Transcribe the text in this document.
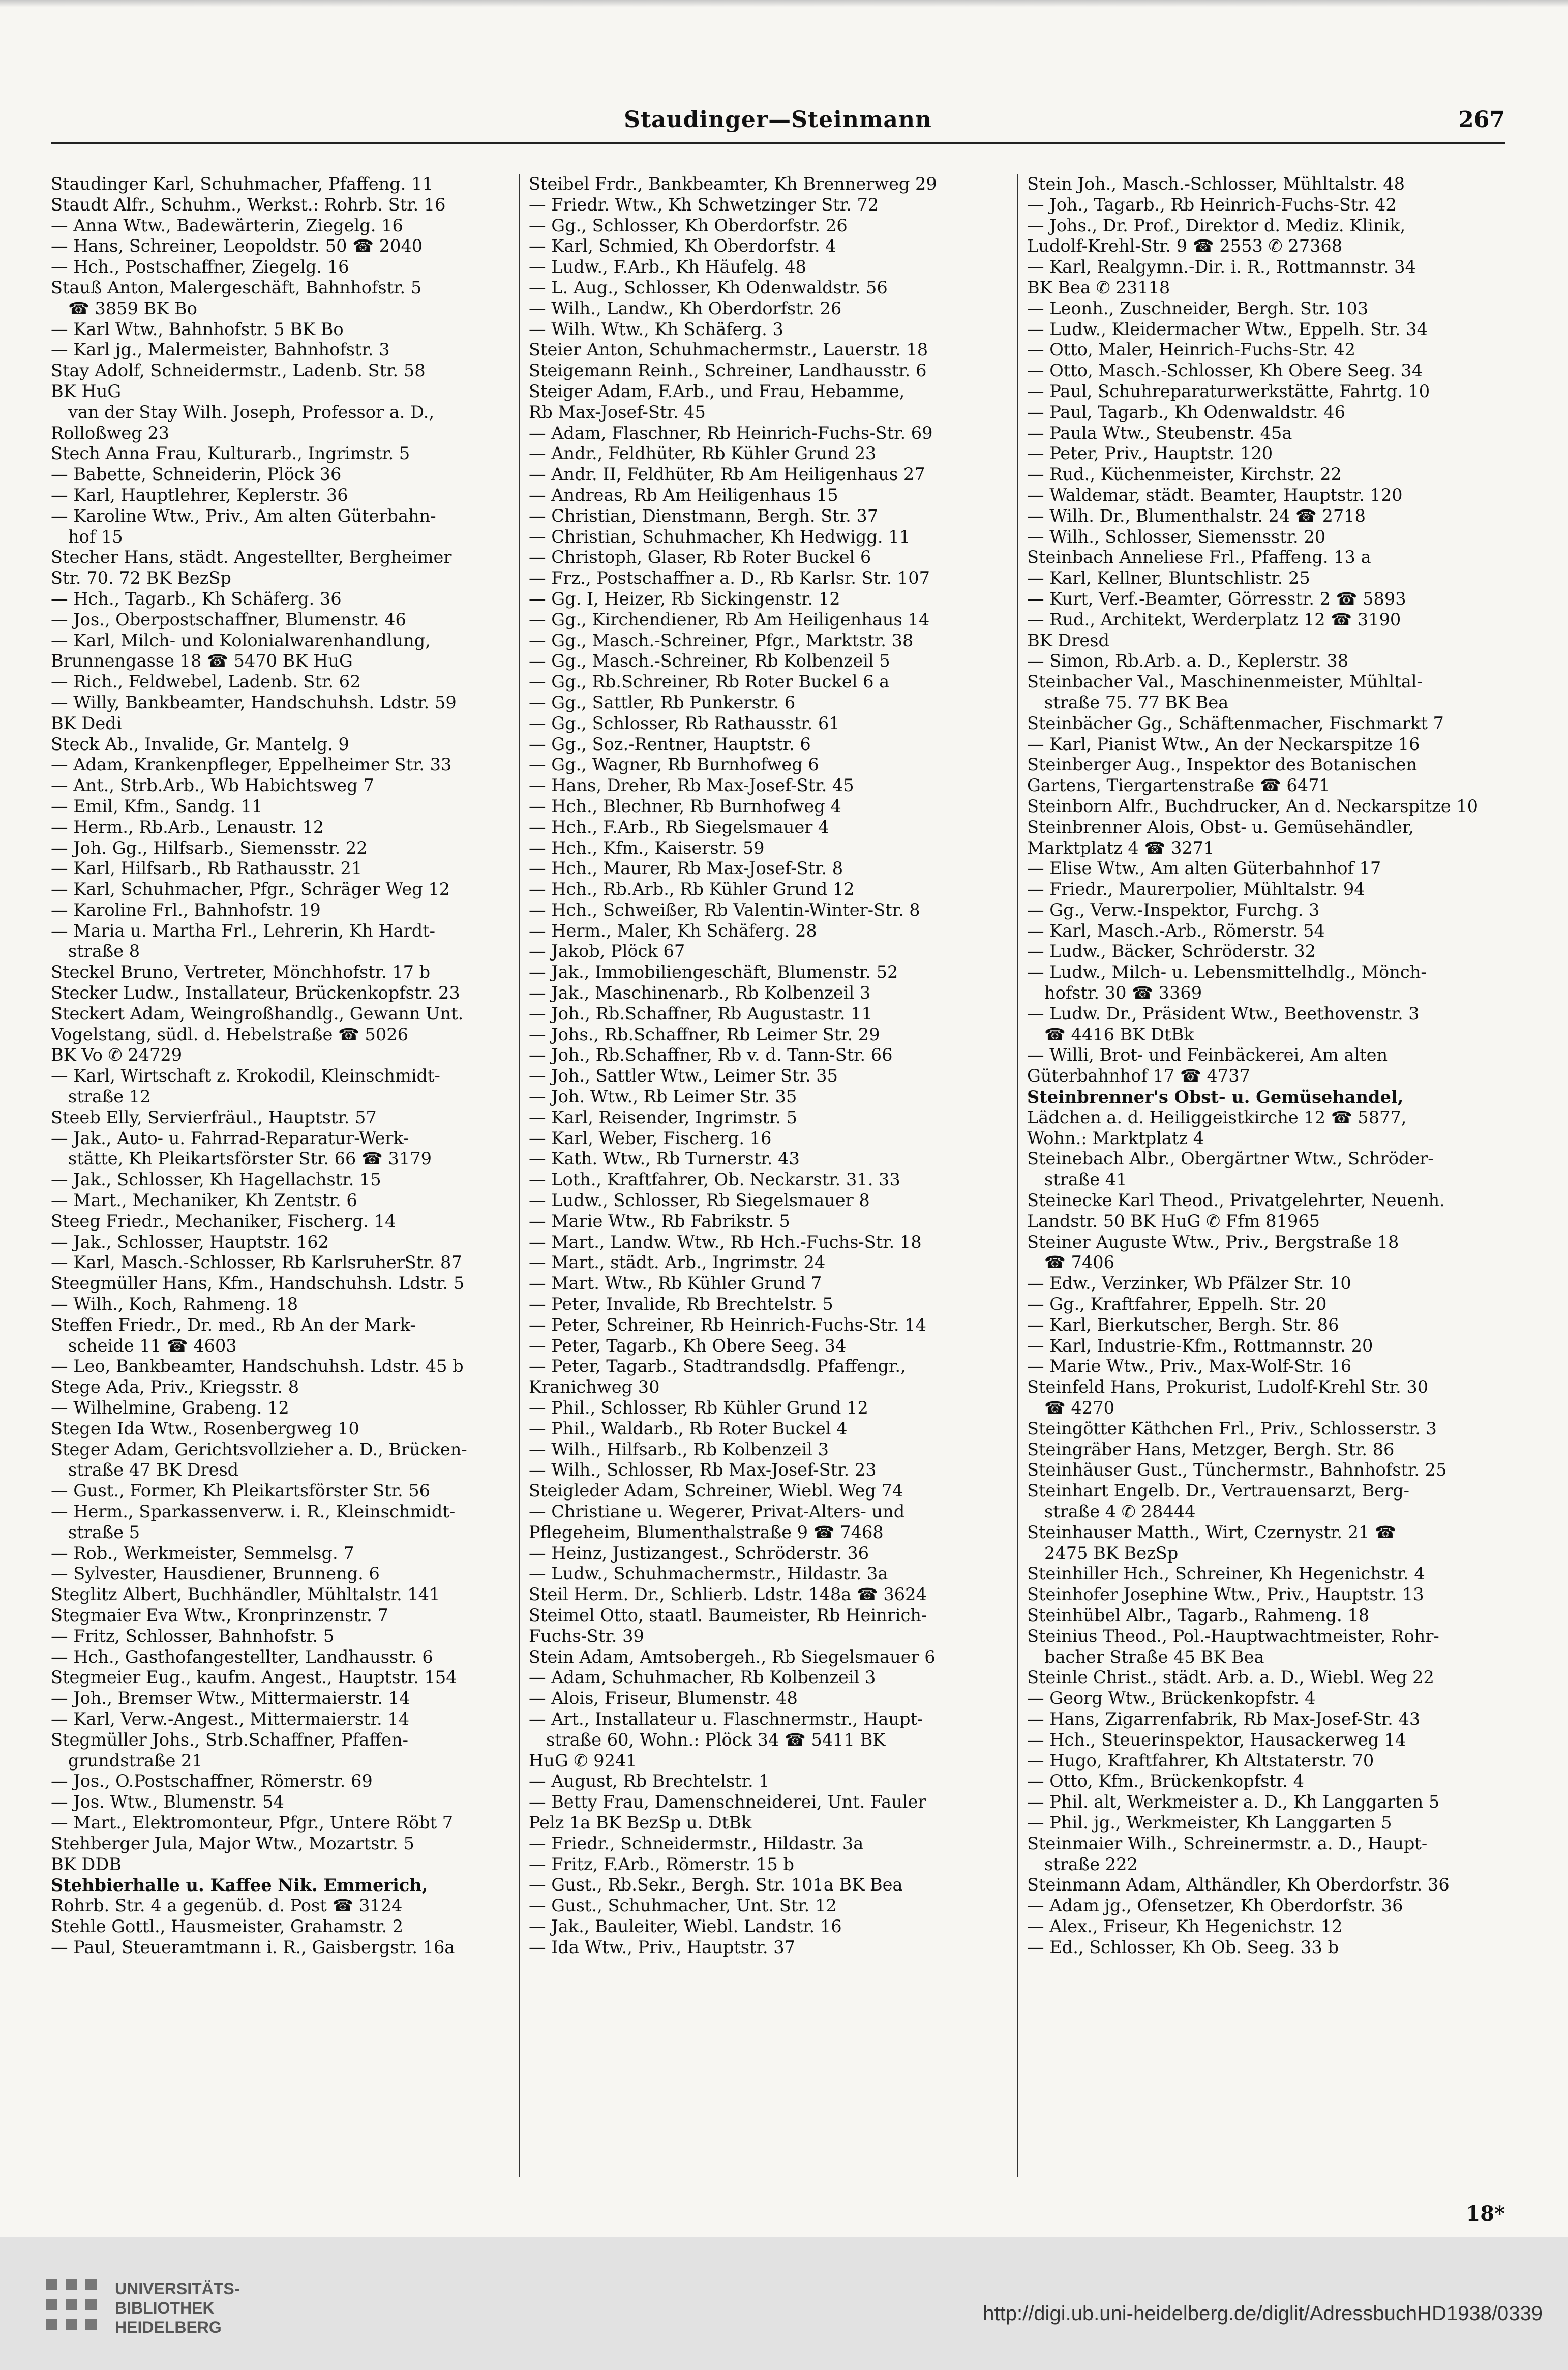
Staudinger—Steinmann	267
Staudinger Karl, Schuhmacher, Pfaffeng. 11
Staudt Alfr., Schuhm., Werkst.: Rohrb. Str. 16
— Anna Wtw., Badewärterin, Ziegelg. 16
— Hans, Schreiner, Leopoldstr. 50 ☎ 2040
— Hch., Postschaffner, Ziegelg. 16
Stauß Anton, Malergeschäft, Bahnhofstr. 5
☎ 3859 BK Bo
— Karl Wtw., Bahnhofstr. 5 BK Bo
— Karl jg., Malermeister, Bahnhofstr. 3
Stay Adolf, Schneidermstr., Ladenb. Str. 58
BK HuG
van der Stay Wilh. Joseph, Professor a. D.,
Rolloßweg 23
Stech Anna Frau, Kulturarb., Ingrimstr. 5
— Babette, Schneiderin, Plöck 36
— Karl, Hauptlehrer, Keplerstr. 36
— Karoline Wtw., Priv., Am alten Güterbahn-
hof 15
Stecher Hans, städt. Angestellter, Bergheimer
Str. 70. 72 BK BezSp
— Hch., Tagarb., Kh Schäferg. 36
— Jos., Oberpostschaffner, Blumenstr. 46
— Karl, Milch- und Kolonialwarenhandlung,
Brunnengasse 18 ☎ 5470 BK HuG
— Rich., Feldwebel, Ladenb. Str. 62
— Willy, Bankbeamter, Handschuhsh. Ldstr. 59
BK Dedi
Steck Ab., Invalide, Gr. Mantelg. 9
— Adam, Krankenpfleger, Eppelheimer Str. 33
— Ant., Strb.Arb., Wb Habichtsweg 7
— Emil, Kfm., Sandg. 11
— Herm., Rb.Arb., Lenaustr. 12
— Joh. Gg., Hilfsarb., Siemensstr. 22
— Karl, Hilfsarb., Rb Rathausstr. 21
— Karl, Schuhmacher, Pfgr., Schräger Weg 12
— Karoline Frl., Bahnhofstr. 19
— Maria u. Martha Frl., Lehrerin, Kh Hardt-
straße 8
Steckel Bruno, Vertreter, Mönchhofstr. 17 b
Stecker Ludw., Installateur, Brückenkopfstr. 23
Steckert Adam, Weingroßhandlg., Gewann Unt.
Vogelstang, südl. d. Hebelstraße ☎ 5026
BK Vo ✆ 24729
— Karl, Wirtschaft z. Krokodil, Kleinschmidt-
straße 12
Steeb Elly, Servierfräul., Hauptstr. 57
— Jak., Auto- u. Fahrrad-Reparatur-Werk-
stätte, Kh Pleikartsförster Str. 66 ☎ 3179
— Jak., Schlosser, Kh Hagellachstr. 15
— Mart., Mechaniker, Kh Zentstr. 6
Steeg Friedr., Mechaniker, Fischerg. 14
— Jak., Schlosser, Hauptstr. 162
— Karl, Masch.-Schlosser, Rb KarlsruherStr. 87
Steegmüller Hans, Kfm., Handschuhsh. Ldstr. 5
— Wilh., Koch, Rahmeng. 18
Steffen Friedr., Dr. med., Rb An der Mark-
scheide 11 ☎ 4603
— Leo, Bankbeamter, Handschuhsh. Ldstr. 45 b
Stege Ada, Priv., Kriegsstr. 8
— Wilhelmine, Grabeng. 12
Stegen Ida Wtw., Rosenbergweg 10
Steger Adam, Gerichtsvollzieher a. D., Brücken-
straße 47 BK Dresd
— Gust., Former, Kh Pleikartsförster Str. 56
— Herm., Sparkassenverw. i. R., Kleinschmidt-
straße 5
— Rob., Werkmeister, Semmelsg. 7
— Sylvester, Hausdiener, Brunneng. 6
Steglitz Albert, Buchhändler, Mühltalstr. 141
Stegmaier Eva Wtw., Kronprinzenstr. 7
— Fritz, Schlosser, Bahnhofstr. 5
— Hch., Gasthofangestellter, Landhausstr. 6
Stegmeier Eug., kaufm. Angest., Hauptstr. 154
— Joh., Bremser Wtw., Mittermaierstr. 14
— Karl, Verw.-Angest., Mittermaierstr. 14
Stegmüller Johs., Strb.Schaffner, Pfaffen-
grundstraße 21
— Jos., O.Postschaffner, Römerstr. 69
— Jos. Wtw., Blumenstr. 54
— Mart., Elektromonteur, Pfgr., Untere Röbt 7
Stehberger Jula, Major Wtw., Mozartstr. 5
BK DDB
Stehbierhalle u. Kaffee Nik. Emmerich,
Rohrb. Str. 4 a gegenüb. d. Post ☎ 3124
Stehle Gottl., Hausmeister, Grahamstr. 2
— Paul, Steueramtmann i. R., Gaisbergstr. 16a
Steibel Frdr., Bankbeamter, Kh Brennerweg 29
— Friedr. Wtw., Kh Schwetzinger Str. 72
— Gg., Schlosser, Kh Oberdorfstr. 26
— Karl, Schmied, Kh Oberdorfstr. 4
— Ludw., F.Arb., Kh Häufelg. 48
— L. Aug., Schlosser, Kh Odenwaldstr. 56
— Wilh., Landw., Kh Oberdorfstr. 26
— Wilh. Wtw., Kh Schäferg. 3
Steier Anton, Schuhmachermstr., Lauerstr. 18
Steigemann Reinh., Schreiner, Landhausstr. 6
Steiger Adam, F.Arb., und Frau, Hebamme,
Rb Max-Josef-Str. 45
— Adam, Flaschner, Rb Heinrich-Fuchs-Str. 69
— Andr., Feldhüter, Rb Kühler Grund 23
— Andr. II, Feldhüter, Rb Am Heiligenhaus 27
— Andreas, Rb Am Heiligenhaus 15
— Christian, Dienstmann, Bergh. Str. 37
— Christian, Schuhmacher, Kh Hedwigg. 11
— Christoph, Glaser, Rb Roter Buckel 6
— Frz., Postschaffner a. D., Rb Karlsr. Str. 107
— Gg. I, Heizer, Rb Sickingenstr. 12
— Gg., Kirchendiener, Rb Am Heiligenhaus 14
— Gg., Masch.-Schreiner, Pfgr., Marktstr. 38
— Gg., Masch.-Schreiner, Rb Kolbenzeil 5
— Gg., Rb.Schreiner, Rb Roter Buckel 6 a
— Gg., Sattler, Rb Punkerstr. 6
— Gg., Schlosser, Rb Rathausstr. 61
— Gg., Soz.-Rentner, Hauptstr. 6
— Gg., Wagner, Rb Burnhofweg 6
— Hans, Dreher, Rb Max-Josef-Str. 45
— Hch., Blechner, Rb Burnhofweg 4
— Hch., F.Arb., Rb Siegelsmauer 4
— Hch., Kfm., Kaiserstr. 59
— Hch., Maurer, Rb Max-Josef-Str. 8
— Hch., Rb.Arb., Rb Kühler Grund 12
— Hch., Schweißer, Rb Valentin-Winter-Str. 8
— Herm., Maler, Kh Schäferg. 28
— Jakob, Plöck 67
— Jak., Immobiliengeschäft, Blumenstr. 52
— Jak., Maschinenarb., Rb Kolbenzeil 3
— Joh., Rb.Schaffner, Rb Augustastr. 11
— Johs., Rb.Schaffner, Rb Leimer Str. 29
— Joh., Rb.Schaffner, Rb v. d. Tann-Str. 66
— Joh., Sattler Wtw., Leimer Str. 35
— Joh. Wtw., Rb Leimer Str. 35
— Karl, Reisender, Ingrimstr. 5
— Karl, Weber, Fischerg. 16
— Kath. Wtw., Rb Turnerstr. 43
— Loth., Kraftfahrer, Ob. Neckarstr. 31. 33
— Ludw., Schlosser, Rb Siegelsmauer 8
— Marie Wtw., Rb Fabrikstr. 5
— Mart., Landw. Wtw., Rb Hch.-Fuchs-Str. 18
— Mart., städt. Arb., Ingrimstr. 24
— Mart. Wtw., Rb Kühler Grund 7
— Peter, Invalide, Rb Brechtelstr. 5
— Peter, Schreiner, Rb Heinrich-Fuchs-Str. 14
— Peter, Tagarb., Kh Obere Seeg. 34
— Peter, Tagarb., Stadtrandsdlg. Pfaffengr.,
Kranichweg 30
— Phil., Schlosser, Rb Kühler Grund 12
— Phil., Waldarb., Rb Roter Buckel 4
— Wilh., Hilfsarb., Rb Kolbenzeil 3
— Wilh., Schlosser, Rb Max-Josef-Str. 23
Steigleder Adam, Schreiner, Wiebl. Weg 74
— Christiane u. Wegerer, Privat-Alters- und
Pflegeheim, Blumenthalstraße 9 ☎ 7468
— Heinz, Justizangest., Schröderstr. 36
— Ludw., Schuhmachermstr., Hildastr. 3a
Steil Herm. Dr., Schlierb. Ldstr. 148a ☎ 3624
Steimel Otto, staatl. Baumeister, Rb Heinrich-
Fuchs-Str. 39
Stein Adam, Amtsobergeh., Rb Siegelsmauer 6
— Adam, Schuhmacher, Rb Kolbenzeil 3
— Alois, Friseur, Blumenstr. 48
— Art., Installateur u. Flaschnermstr., Haupt-
straße 60, Wohn.: Plöck 34 ☎ 5411 BK
HuG ✆ 9241
— August, Rb Brechtelstr. 1
— Betty Frau, Damenschneiderei, Unt. Fauler
Pelz 1a BK BezSp u. DtBk
— Friedr., Schneidermstr., Hildastr. 3a
— Fritz, F.Arb., Römerstr. 15 b
— Gust., Rb.Sekr., Bergh. Str. 101a BK Bea
— Gust., Schuhmacher, Unt. Str. 12
— Jak., Bauleiter, Wiebl. Landstr. 16
— Ida Wtw., Priv., Hauptstr. 37
Stein Joh., Masch.-Schlosser, Mühltalstr. 48
— Joh., Tagarb., Rb Heinrich-Fuchs-Str. 42
— Johs., Dr. Prof., Direktor d. Mediz. Klinik,
Ludolf-Krehl-Str. 9 ☎ 2553 ✆ 27368
— Karl, Realgymn.-Dir. i. R., Rottmannstr. 34
BK Bea ✆ 23118
— Leonh., Zuschneider, Bergh. Str. 103
— Ludw., Kleidermacher Wtw., Eppelh. Str. 34
— Otto, Maler, Heinrich-Fuchs-Str. 42
— Otto, Masch.-Schlosser, Kh Obere Seeg. 34
— Paul, Schuhreparaturwerkstätte, Fahrtg. 10
— Paul, Tagarb., Kh Odenwaldstr. 46
— Paula Wtw., Steubenstr. 45a
— Peter, Priv., Hauptstr. 120
— Rud., Küchenmeister, Kirchstr. 22
— Waldemar, städt. Beamter, Hauptstr. 120
— Wilh. Dr., Blumenthalstr. 24 ☎ 2718
— Wilh., Schlosser, Siemensstr. 20
Steinbach Anneliese Frl., Pfaffeng. 13 a
— Karl, Kellner, Bluntschlistr. 25
— Kurt, Verf.-Beamter, Görresstr. 2 ☎ 5893
— Rud., Architekt, Werderplatz 12 ☎ 3190
BK Dresd
— Simon, Rb.Arb. a. D., Keplerstr. 38
Steinbacher Val., Maschinenmeister, Mühltal-
straße 75. 77 BK Bea
Steinbächer Gg., Schäftenmacher, Fischmarkt 7
— Karl, Pianist Wtw., An der Neckarspitze 16
Steinberger Aug., Inspektor des Botanischen
Gartens, Tiergartenstraße ☎ 6471
Steinborn Alfr., Buchdrucker, An d. Neckarspitze 10
Steinbrenner Alois, Obst- u. Gemüsehändler,
Marktplatz 4 ☎ 3271
— Elise Wtw., Am alten Güterbahnhof 17
— Friedr., Maurerpolier, Mühltalstr. 94
— Gg., Verw.-Inspektor, Furchg. 3
— Karl, Masch.-Arb., Römerstr. 54
— Ludw., Bäcker, Schröderstr. 32
— Ludw., Milch- u. Lebensmittelhdlg., Mönch-
hofstr. 30 ☎ 3369
— Ludw. Dr., Präsident Wtw., Beethovenstr. 3
☎ 4416 BK DtBk
— Willi, Brot- und Feinbäckerei, Am alten
Güterbahnhof 17 ☎ 4737
Steinbrenner's Obst- u. Gemüsehandel,
Lädchen a. d. Heiliggeistkirche 12 ☎ 5877,
Wohn.: Marktplatz 4
Steinebach Albr., Obergärtner Wtw., Schröder-
straße 41
Steinecke Karl Theod., Privatgelehrter, Neuenh.
Landstr. 50 BK HuG ✆ Ffm 81965
Steiner Auguste Wtw., Priv., Bergstraße 18
☎ 7406
— Edw., Verzinker, Wb Pfälzer Str. 10
— Gg., Kraftfahrer, Eppelh. Str. 20
— Karl, Bierkutscher, Bergh. Str. 86
— Karl, Industrie-Kfm., Rottmannstr. 20
— Marie Wtw., Priv., Max-Wolf-Str. 16
Steinfeld Hans, Prokurist, Ludolf-Krehl Str. 30
☎ 4270
Steingötter Käthchen Frl., Priv., Schlosserstr. 3
Steingräber Hans, Metzger, Bergh. Str. 86
Steinhäuser Gust., Tünchermstr., Bahnhofstr. 25
Steinhart Engelb. Dr., Vertrauensarzt, Berg-
straße 4 ✆ 28444
Steinhauser Matth., Wirt, Czernystr. 21 ☎
2475 BK BezSp
Steinhiller Hch., Schreiner, Kh Hegenichstr. 4
Steinhofer Josephine Wtw., Priv., Hauptstr. 13
Steinhübel Albr., Tagarb., Rahmeng. 18
Steinius Theod., Pol.-Hauptwachtmeister, Rohr-
bacher Straße 45 BK Bea
Steinle Christ., städt. Arb. a. D., Wiebl. Weg 22
— Georg Wtw., Brückenkopfstr. 4
— Hans, Zigarrenfabrik, Rb Max-Josef-Str. 43
— Hch., Steuerinspektor, Hausackerweg 14
— Hugo, Kraftfahrer, Kh Altstaterstr. 70
— Otto, Kfm., Brückenkopfstr. 4
— Phil. alt, Werkmeister a. D., Kh Langgarten 5
— Phil. jg., Werkmeister, Kh Langgarten 5
Steinmaier Wilh., Schreinermstr. a. D., Haupt-
straße 222
Steinmann Adam, Althändler, Kh Oberdorfstr. 36
— Adam jg., Ofensetzer, Kh Oberdorfstr. 36
— Alex., Friseur, Kh Hegenichstr. 12
— Ed., Schlosser, Kh Ob. Seeg. 33 b
18*
UNIVERSITÄTS-
BIBLIOTHEK
HEIDELBERG
http://digi.ub.uni-heidelberg.de/diglit/AdressbuchHD1938/0339
